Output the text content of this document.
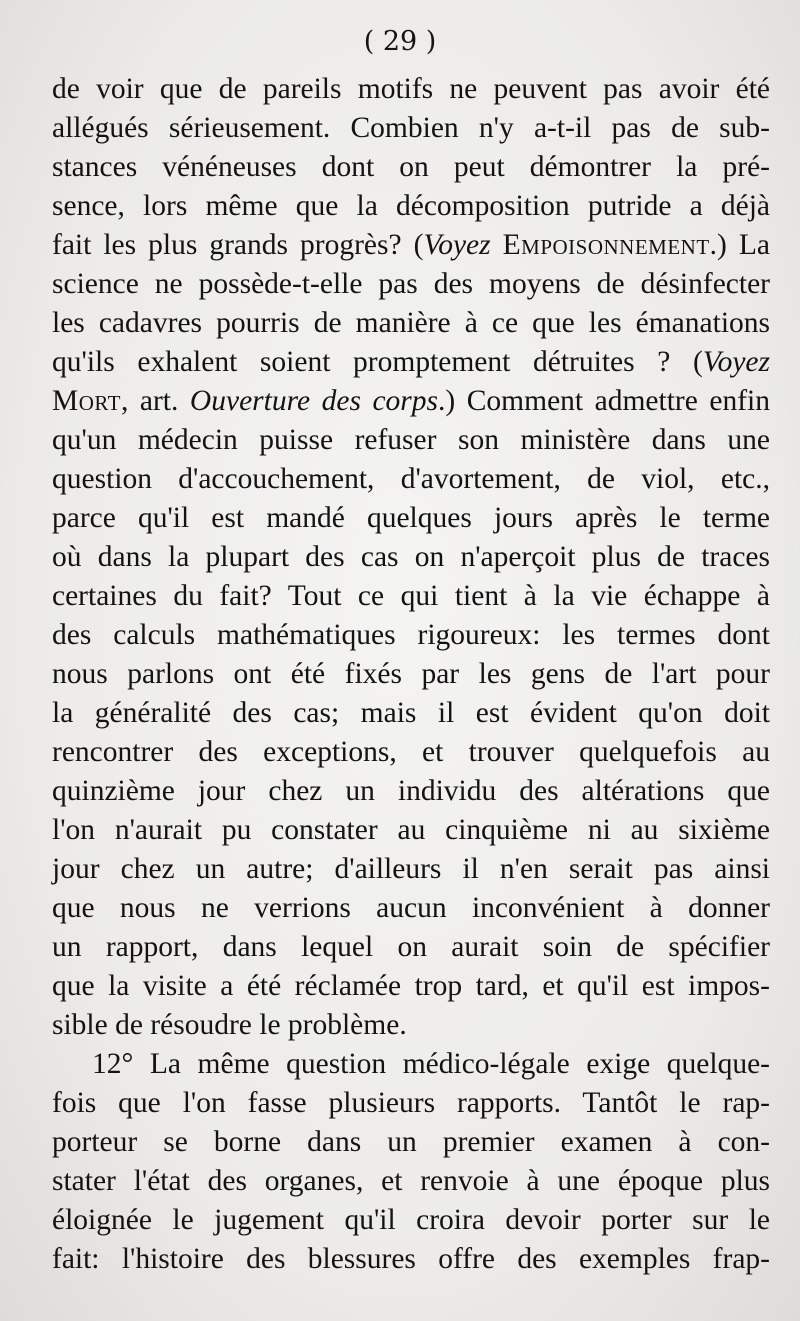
( 29 )

de voir que de pareils motifs ne peuvent pas avoir été
allégués sérieusement. Combien n'y a-t-il pas de sub-
stances vénéneuses dont on peut démontrer la pré-
sence, lors même que la décomposition putride a déjà
fait les plus grands progrès? (Voyez Empoisonnement.) La
science ne possède-t-elle pas des moyens de désinfecter
les cadavres pourris de manière à ce que les émanations
qu'ils exhalent soient promptement détruites ? (Voyez
Mort, art. Ouverture des corps.) Comment admettre enfin
qu'un médecin puisse refuser son ministère dans une
question d'accouchement, d'avortement, de viol, etc.,
parce qu'il est mandé quelques jours après le terme
où dans la plupart des cas on n'aperçoit plus de traces
certaines du fait? Tout ce qui tient à la vie échappe à
des calculs mathématiques rigoureux: les termes dont
nous parlons ont été fixés par les gens de l'art pour
la généralité des cas; mais il est évident qu'on doit
rencontrer des exceptions, et trouver quelquefois au
quinzième jour chez un individu des altérations que
l'on n'aurait pu constater au cinquième ni au sixième
jour chez un autre; d'ailleurs il n'en serait pas ainsi
que nous ne verrions aucun inconvénient à donner
un rapport, dans lequel on aurait soin de spécifier
que la visite a été réclamée trop tard, et qu'il est impos-
sible de résoudre le problème.
12° La même question médico-légale exige quelque-
fois que l'on fasse plusieurs rapports. Tantôt le rap-
porteur se borne dans un premier examen à con-
stater l'état des organes, et renvoie à une époque plus
éloignée le jugement qu'il croira devoir porter sur le
fait: l'histoire des blessures offre des exemples frap-
